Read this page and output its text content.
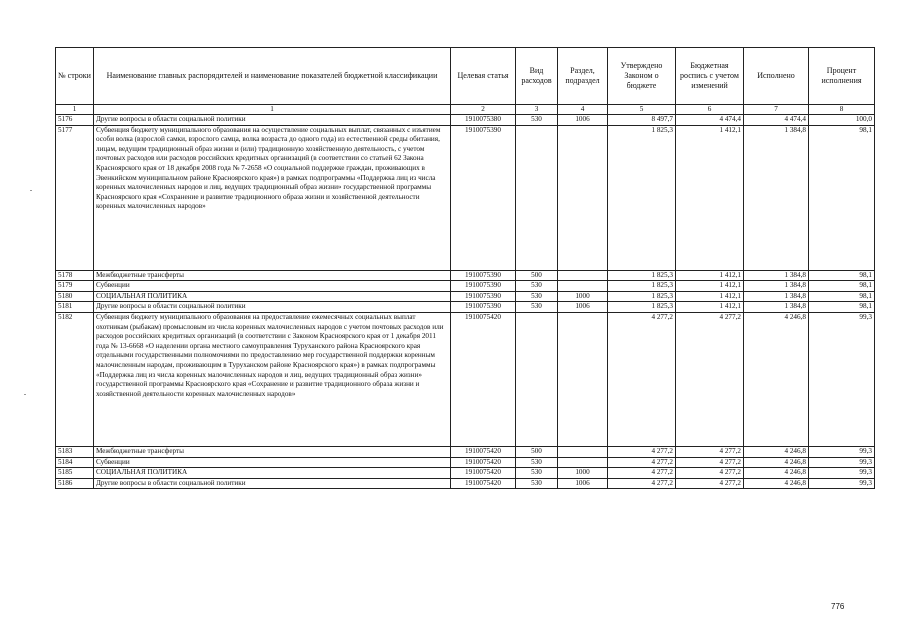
№ строки	Наименование главных распорядителей и наименование показателей бюджетной классификации	Целевая статья	Вид расходов	Раздел, подраздел	Утверждено Законом о бюджете	Бюджетная роспись с учетом изменений	Исполнено	Процент исполнения
1	1	2	3	4	5	6	7	8
5176	Другие вопросы в области социальной политики	1910075380	530	1006	8 497,7	4 474,4	4 474,4	100,0
5177	Субвенция бюджету муниципального образования на осуществление социальных выплат, связанных с изъятием особи волка (взрослой самки, взрослого самца, волка возраста до одного года) из естественной среды обитания, лицам, ведущим традиционный образ жизни и (или) традиционную хозяйственную деятельность, с учетом почтовых расходов или расходов российских кредитных организаций (в соответствии со статьей 62 Закона Красноярского края от 18 декабря 2008 года № 7-2658 «О социальной поддержке граждан, проживающих в Эвенкийском муниципальном районе Красноярского края») в рамках подпрограммы «Поддержка лиц из числа коренных малочисленных народов и лиц, ведущих традиционный образ жизни» государственной программы Красноярского края «Сохранение и развитие традиционного образа жизни и хозяйственной деятельности коренных малочисленных народов»	1910075390			1 825,3	1 412,1	1 384,8	98,1
5178	Межбюджетные трансферты	1910075390	500		1 825,3	1 412,1	1 384,8	98,1
5179	Субвенции	1910075390	530		1 825,3	1 412,1	1 384,8	98,1
5180	СОЦИАЛЬНАЯ ПОЛИТИКА	1910075390	530	1000	1 825,3	1 412,1	1 384,8	98,1
5181	Другие вопросы в области социальной политики	1910075390	530	1006	1 825,3	1 412,1	1 384,8	98,1
5182	Субвенция бюджету муниципального образования на предоставление ежемесячных социальных выплат охотникам (рыбакам) промысловым из числа коренных малочисленных народов с учетом почтовых расходов или расходов российских кредитных организаций (в соответствии с Законом Красноярского края от 1 декабря 2011 года № 13-6668 «О наделении органа местного самоуправления Туруханского района Красноярского края отдельными государственными полномочиями по предоставлению мер государственной поддержки коренным малочисленным народам, проживающим в Туруханском районе Красноярского края») в рамках подпрограммы «Поддержка лиц из числа коренных малочисленных народов и лиц, ведущих традиционный образ жизни» государственной программы Красноярского края «Сохранение и развитие традиционного образа жизни и хозяйственной деятельности коренных малочисленных народов»	1910075420			4 277,2	4 277,2	4 246,8	99,3
5183	Межбюджетные трансферты	1910075420	500		4 277,2	4 277,2	4 246,8	99,3
5184	Субвенции	1910075420	530		4 277,2	4 277,2	4 246,8	99,3
5185	СОЦИАЛЬНАЯ ПОЛИТИКА	1910075420	530	1000	4 277,2	4 277,2	4 246,8	99,3
5186	Другие вопросы в области социальной политики	1910075420	530	1006	4 277,2	4 277,2	4 246,8	99,3
776
